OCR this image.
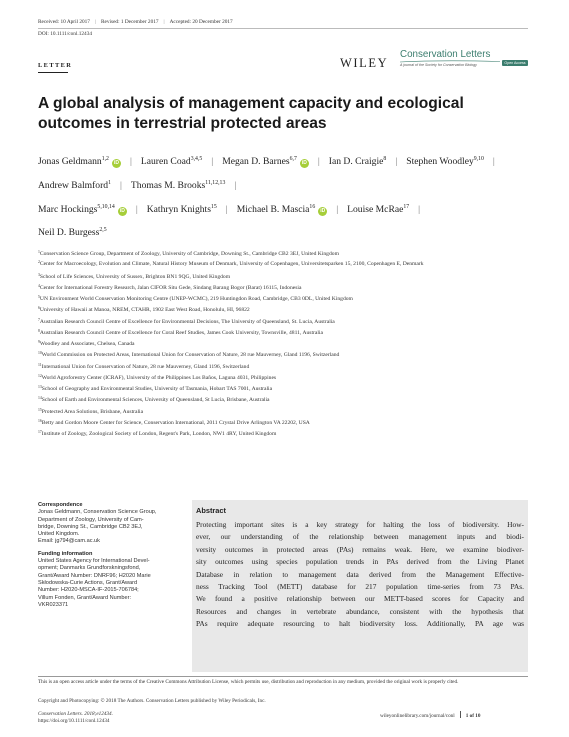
Received: 10 April 2017 | Revised: 1 December 2017 | Accepted: 20 December 2017
DOI: 10.1111/conl.12434
LETTER	WILEY
Conservation Letters
A journal of the Society for Conservation Biology	Open Access
A global analysis of management capacity and ecological outcomes in terrestrial protected areas
Jonas Geldmann$^{1,2}$iD | Lauren Coad$^{3,4,5}$ | Megan D. Barnes$^{6,7}$iD | Ian D. Craigie$^8$ | Stephen Woodley$^{9,10}$ |
Andrew Balmford$^1$ | Thomas M. Brooks$^{11,12,13}$ |
Marc Hockings$^{5,10,14}$iD | Kathryn Knights$^{15}$ | Michael B. Mascia$^{16}$iD | Louise McRae$^{17}$ |
Neil D. Burgess$^{2,5}$
$^1$Conservation Science Group, Department of Zoology, University of Cambridge, Downing St., Cambridge CB2 3EJ, United Kingdom
$^2$Center for Macroecology, Evolution and Climate, Natural History Museum of Denmark, University of Copenhagen, Universitetsparken 15, 2100, Copenhagen E, Denmark
$^3$School of Life Sciences, University of Sussex, Brighton BN1 9QG, United Kingdom
$^4$Center for International Forestry Research, Jalan CIFOR Situ Gede, Sindang Barang Bogor (Barat) 16115, Indonesia
$^5$UN Environment World Conservation Monitoring Centre (UNEP-WCMC), 219 Huntingdon Road, Cambridge, CB3 0DL, United Kingdom
$^6$University of Hawaii at Manoa, NREM, CTAHR, 1902 East West Road, Honolulu, HI, 96822
$^7$Australian Research Council Centre of Excellence for Environmental Decisions, The University of Queensland, St. Lucia, Australia
$^8$Australian Research Council Centre of Excellence for Coral Reef Studies, James Cook University, Townsville, 4811, Australia
$^9$Woodley and Associates, Chelsea, Canada
$^{10}$World Commission on Protected Areas, International Union for Conservation of Nature, 28 rue Mauverney, Gland 1196, Switzerland
$^{11}$International Union for Conservation of Nature, 28 rue Mauverney, Gland 1196, Switzerland
$^{12}$World Agroforestry Center (ICRAF), University of the Philippines Los Baños, Laguna 4031, Philippines
$^{13}$School of Geography and Environmental Studies, University of Tasmania, Hobart TAS 7001, Australia
$^{14}$School of Earth and Environmental Sciences, University of Queensland, St Lucia, Brisbane, Australia
$^{15}$Protected Area Solutions, Brisbane, Australia
$^{16}$Betty and Gordon Moore Center for Science, Conservation International, 2011 Crystal Drive Arlington VA 22202, USA
$^{17}$Institute of Zoology, Zoological Society of London, Regent's Park, London, NW1 4RY, United Kingdom
Correspondence
Jonas Geldmann, Conservation Science Group,
Department of Zoology, University of Cam-
bridge, Downing St., Cambridge CB2 3EJ,
United Kingdom.
Email: jg794@cam.ac.uk
Funding information
United States Agency for International Devel-
opment; Danmarks Grundforskningsfond,
Grant/Award Number: DNRF96; H2020 Marie
Skłodowska-Curie Actions, Grant/Award
Number: H2020-MSCA-IF-2015-706784;
Villum Fonden, Grant/Award Number:
VKR023371
Abstract
Protecting important sites is a key strategy for halting the loss of biodiversity. How-
ever, our understanding of the relationship between management inputs and biodi-
versity outcomes in protected areas (PAs) remains weak. Here, we examine biodiver-
sity outcomes using species population trends in PAs derived from the Living Planet
Database in relation to management data derived from the Management Effective-
ness Tracking Tool (METT) database for 217 population time-series from 73 PAs.
We found a positive relationship between our METT-based scores for Capacity and
Resources and changes in vertebrate abundance, consistent with the hypothesis that
PAs require adequate resourcing to halt biodiversity loss. Additionally, PA age was
This is an open access article under the terms of the Creative Commons Attribution License, which permits use, distribution and reproduction in any medium, provided the original work is properly cited.
Copyright and Photocopying: © 2018 The Authors. Conservation Letters published by Wiley Periodicals, Inc.
Conservation Letters. 2018;e12434.
https://doi.org/10.1111/conl.12434
wileyonlinelibrary.com/journal/conl 1 of 10
